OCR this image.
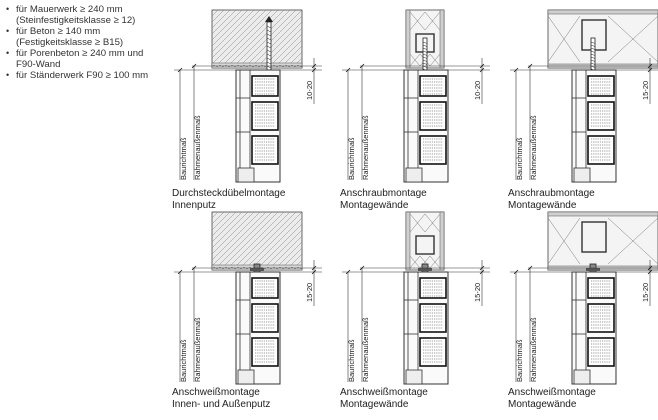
• für Mauerwerk ≥ 240 mm
(Steinfestigkeitsklasse ≥ 12)
• für Beton ≥ 140 mm
(Festigkeitsklasse ≥ B15)
• für Porenbeton ≥ 240 mm und
F90-Wand
• für Ständerwerk F90 ≥ 100 mm
Baurichtmaß Rahmenaußenmaß
10-20
Durchsteckdübelmontage
Innenputz
Baurichtmaß Rahmenaußenmaß
10-20
Anschraubmontage
Montagewände
Baurichtmaß Rahmenaußenmaß
15-20
Anschraubmontage
Montagewände
Baurichtmaß Rahmenaußenmaß
15-20
Anschweißmontage
Innen- und Außenputz
Baurichtmaß Rahmenaußenmaß
15-20
Anschweißmontage
Montagewände
Baurichtmaß Rahmenaußenmaß
15-20
Anschweißmontage
Montagewände
